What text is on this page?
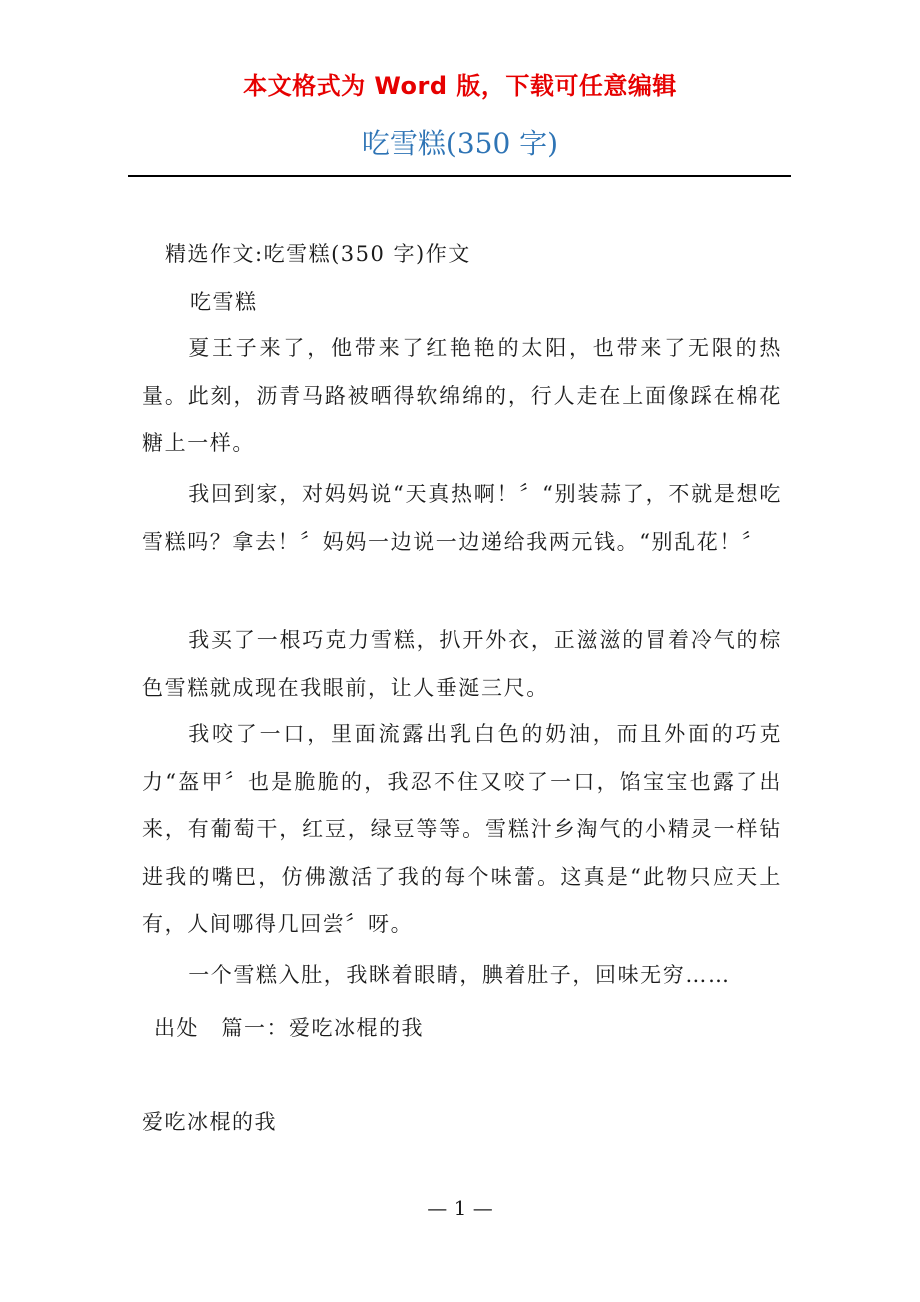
本文格式为 Word 版，下载可任意编辑
吃雪糕(350 字)
精选作文:吃雪糕(350 字)作文
吃雪糕
夏王子来了，他带来了红艳艳的太阳，也带来了无限的热量。此刻，沥青马路被晒得软绵绵的，行人走在上面像踩在棉花糖上一样。
我回到家，对妈妈说“天真热啊！〞“别装蒜了，不就是想吃雪糕吗？拿去！〞妈妈一边说一边递给我两元钱。“别乱花！〞
我买了一根巧克力雪糕，扒开外衣，正滋滋的冒着冷气的棕色雪糕就成现在我眼前，让人垂涎三尺。
我咬了一口，里面流露出乳白色的奶油，而且外面的巧克力“盔甲〞也是脆脆的，我忍不住又咬了一口，馅宝宝也露了出来，有葡萄干，红豆，绿豆等等。雪糕汁乡淘气的小精灵一样钻进我的嘴巴，仿佛激活了我的每个味蕾。这真是“此物只应天上有，人间哪得几回尝〞呀。
一个雪糕入肚，我眯着眼睛，腆着肚子，回味无穷……
出处　篇一：爱吃冰棍的我
爱吃冰棍的我
— 1 —
